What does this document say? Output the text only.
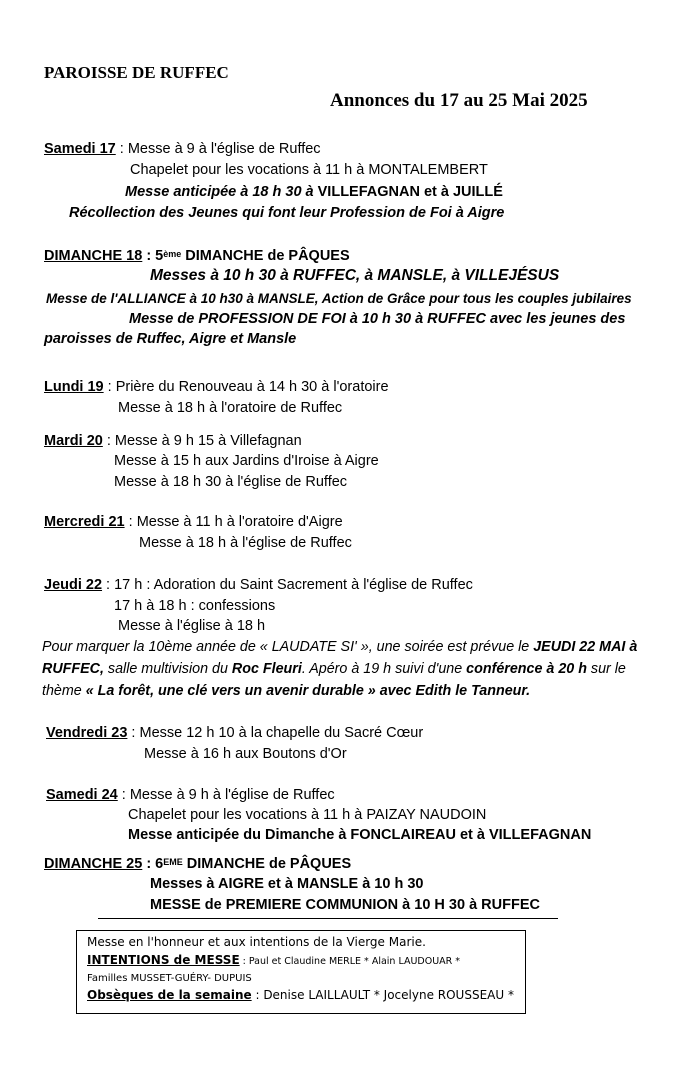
PAROISSE DE RUFFEC
Annonces du 17 au 25 Mai 2025
Samedi 17 : Messe à 9 à l'église de Ruffec
Chapelet pour les vocations à 11 h à MONTALEMBERT
Messe anticipée à 18 h 30 à VILLEFAGNAN et à JUILLÉ
Récollection des Jeunes qui font leur Profession de Foi à Aigre
DIMANCHE 18 : 5ème DIMANCHE de PÂQUES
Messes à 10 h 30 à RUFFEC, à MANSLE, à VILLEJÉSUS
Messe de l'ALLIANCE à 10 h30 à MANSLE, Action de Grâce pour tous les couples jubilaires
Messe de PROFESSION DE FOI à 10 h 30 à RUFFEC avec les jeunes des
paroisses de Ruffec, Aigre et Mansle
Lundi 19 : Prière du Renouveau à 14 h 30 à l'oratoire
Messe à 18 h à l'oratoire de Ruffec
Mardi 20 : Messe à 9 h 15 à Villefagnan
Messe à 15 h aux Jardins d'Iroise à Aigre
Messe à 18 h 30 à l'église de Ruffec
Mercredi 21 : Messe à 11 h à l'oratoire d'Aigre
Messe à 18 h à l'église de Ruffec
Jeudi 22 : 17 h : Adoration du Saint Sacrement à l'église de Ruffec
17 h à 18 h : confessions
Messe à l'église à 18 h
Pour marquer la 10ème année de « LAUDATE SI' », une soirée est prévue le JEUDI 22 MAI à
RUFFEC, salle multivision du Roc Fleuri. Apéro à 19 h suivi d'une conférence à 20 h sur le
thème « La forêt, une clé vers un avenir durable » avec Edith le Tanneur.
Vendredi 23 : Messe 12 h 10 à la chapelle du Sacré Cœur
Messe à 16 h aux Boutons d'Or
Samedi 24 : Messe à 9 h à l'église de Ruffec
Chapelet pour les vocations à 11 h à PAIZAY NAUDOIN
Messe anticipée du Dimanche à FONCLAIREAU et à VILLEFAGNAN
DIMANCHE 25 : 6EME DIMANCHE de PÂQUES
Messes à AIGRE et à MANSLE à 10 h 30
MESSE de PREMIERE COMMUNION à 10 H 30 à RUFFEC
Messe en l'honneur et aux intentions de la Vierge Marie.
INTENTIONS de MESSE : Paul et Claudine MERLE * Alain LAUDOUAR *
Familles MUSSET-GUÉRY- DUPUIS
Obsèques de la semaine : Denise LAILLAULT * Jocelyne ROUSSEAU *
